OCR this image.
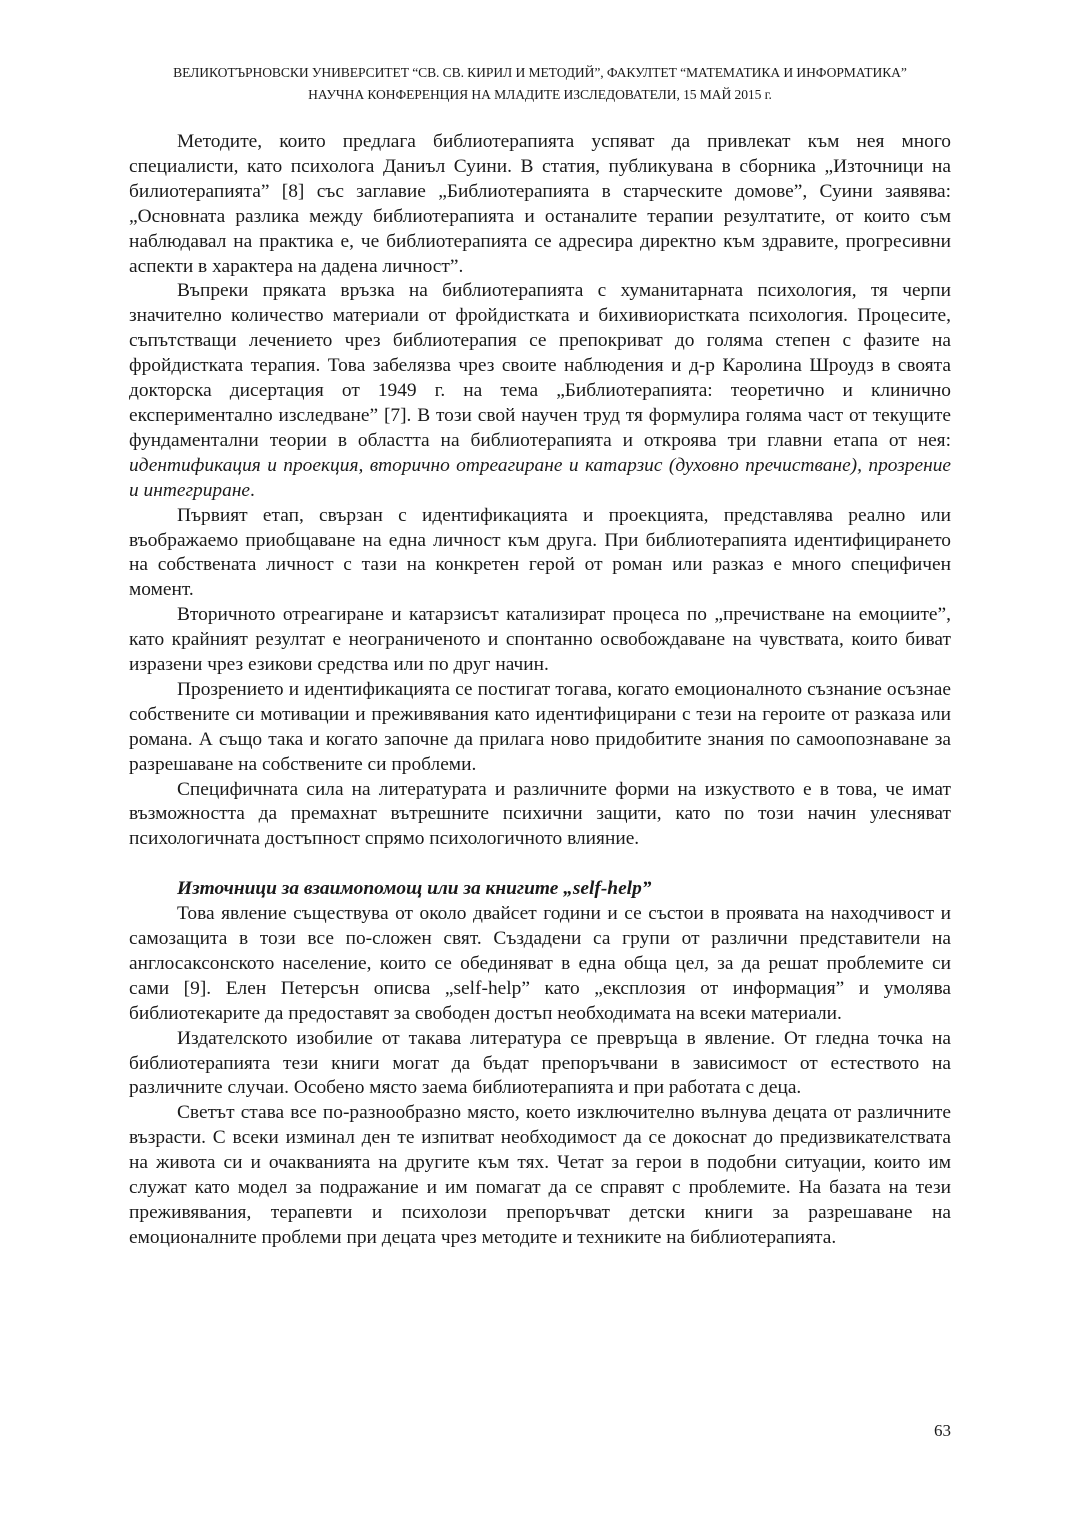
ВЕЛИКОТЪРНОВСКИ УНИВЕРСИТЕТ “СВ. СВ. КИРИЛ И МЕТОДИЙ”, ФАКУЛТЕТ “МАТЕМАТИКА И ИНФОРМАТИКА”
НАУЧНА КОНФЕРЕНЦИЯ НА МЛАДИТЕ ИЗСЛЕДОВАТЕЛИ, 15 МАЙ 2015 г.

Методите, които предлага библиотерапията успяват да привлекат към нея много специалисти, като психолога Даниъл Суини. В статия, публикувана в сборника „Източници на билиотерапията” [8] със заглавие „Библиотерапията в старческите домове”, Суини заявява: „Основната разлика между библиотерапията и останалите терапии резултатите, от които съм наблюдавал на практика е, че библиотерапията се адресира директно към здравите, прогресивни аспекти в характера на дадена личност”.

Въпреки пряката връзка на библиотерапията с хуманитарната психология, тя черпи значително количество материали от фройдистката и бихивиористката психология. Процесите, съпътстващи лечението чрез библиотерапия се препокриват до голяма степен с фазите на фройдистката терапия. Това забелязва чрез своите наблюдения и д-р Каролина Шроудз в своята докторска дисертация от 1949 г. на тема „Библиотерапията: теоретично и клинично експериментално изследване” [7]. В този свой научен труд тя формулира голяма част от текущите фундаментални теории в областта на библиотерапията и откроява три главни етапа от нея: идентификация и проекция, вторично отреагиране и катарзис (духовно пречистване), прозрение и интегриране.

Първият етап, свързан с идентификацията и проекцията, представлява реално или въображаемо приобщаване на една личност към друга. При библиотерапията идентифицирането на собствената личност с тази на конкретен герой от роман или разказ е много специфичен момент.

Вторичното отреагиране и катарзисът катализират процеса по „пречистване на емоциите”, като крайният резултат е неограниченото и спонтанно освобождаване на чувствата, които биват изразени чрез езикови средства или по друг начин.

Прозрението и идентификацията се постигат тогава, когато емоционалното съзнание осъзнае собствените си мотивации и преживявания като идентифицирани с тези на героите от разказа или романа. А също така и когато започне да прилага ново придобитите знания по самоопознаване за разрешаване на собствените си проблеми.

Специфичната сила на литературата и различните форми на изкуството е в това, че имат възможността да премахнат вътрешните психични защити, като по този начин улесняват психологичната достъпност спрямо психологичното влияние.

Източници за взаимопомощ или за книгите „self-help”

Това явление съществува от около двайсет години и се състои в проявата на находчивост и самозащита в този все по-сложен свят. Създадени са групи от различни представители на англосаксонското население, които се обединяват в една обща цел, за да решат проблемите си сами [9]. Елен Петерсън описва „self-help” като „експлозия от информация” и умолява библиотекарите да предоставят за свободен достъп необходимата на всеки материали.

Издателското изобилие от такава литература се превръща в явление. От гледна точка на библиотерапията тези книги могат да бъдат препоръчвани в зависимост от естеството на различните случаи. Особено място заема библиотерапията и при работата с деца.

Светът става все по-разнообразно място, което изключително вълнува децата от различните възрасти. С всеки изминал ден те изпитват необходимост да се докоснат до предизвикателствата на живота си и очакванията на другите към тях. Четат за герои в подобни ситуации, които им служат като модел за подражание и им помагат да се справят с проблемите. На базата на тези преживявания, терапевти и психолози препоръчват детски книги за разрешаване на емоционалните проблеми при децата чрез методите и техниките на библиотерапията.

63
